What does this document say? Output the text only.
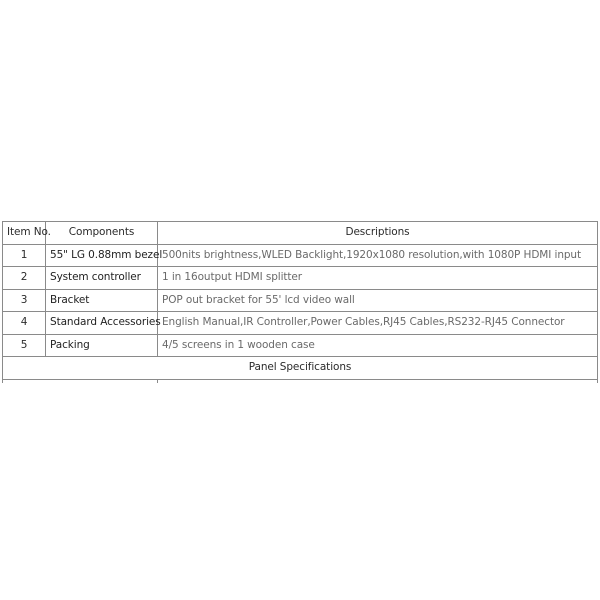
Item No.	Components	Descriptions
1	55" LG 0.88mm bezel	500nits brightness,WLED Backlight,1920x1080 resolution,with 1080P HDMI input
2	System controller	1 in 16output HDMI splitter
3	Bracket	POP out bracket for 55' lcd video wall
4	Standard Accessories	English Manual,IR Controller,Power Cables,RJ45 Cables,RS232-RJ45 Connector
5	Packing	4/5 screens in 1 wooden case
Panel Specifications		
